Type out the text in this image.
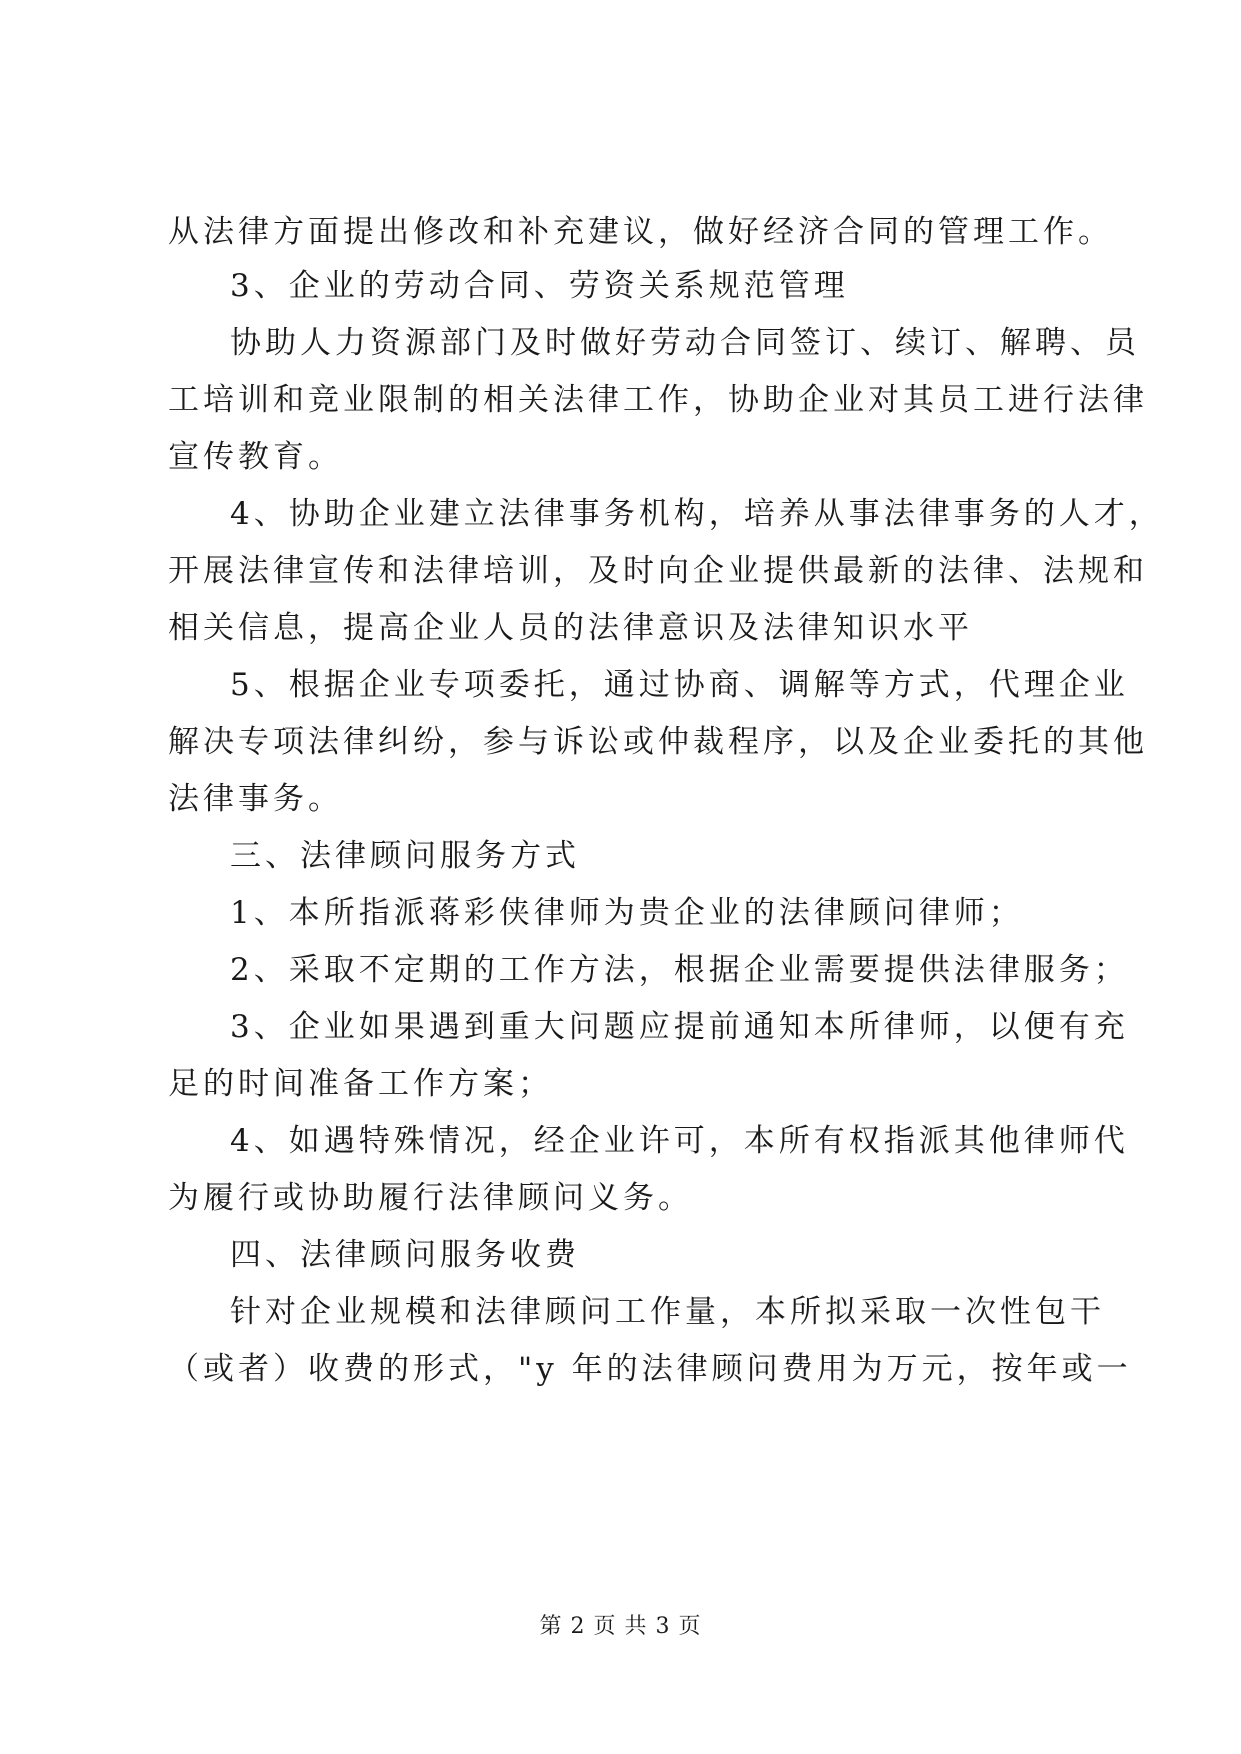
从法律方面提出修改和补充建议，做好经济合同的管理工作。
3、企业的劳动合同、劳资关系规范管理
协助人力资源部门及时做好劳动合同签订、续订、解聘、员
工培训和竞业限制的相关法律工作，协助企业对其员工进行法律
宣传教育。
4、协助企业建立法律事务机构，培养从事法律事务的人才，
开展法律宣传和法律培训，及时向企业提供最新的法律、法规和
相关信息，提高企业人员的法律意识及法律知识水平
5、根据企业专项委托，通过协商、调解等方式，代理企业
解决专项法律纠纷，参与诉讼或仲裁程序，以及企业委托的其他
法律事务。
三、法律顾问服务方式
1、本所指派蒋彩侠律师为贵企业的法律顾问律师；
2、采取不定期的工作方法，根据企业需要提供法律服务；
3、企业如果遇到重大问题应提前通知本所律师，以便有充
足的时间准备工作方案；
4、如遇特殊情况，经企业许可，本所有权指派其他律师代
为履行或协助履行法律顾问义务。
四、法律顾问服务收费
针对企业规模和法律顾问工作量，本所拟采取一次性包干
（或者）收费的形式，"y 年的法律顾问费用为万元，按年或一
第 2 页 共 3 页
